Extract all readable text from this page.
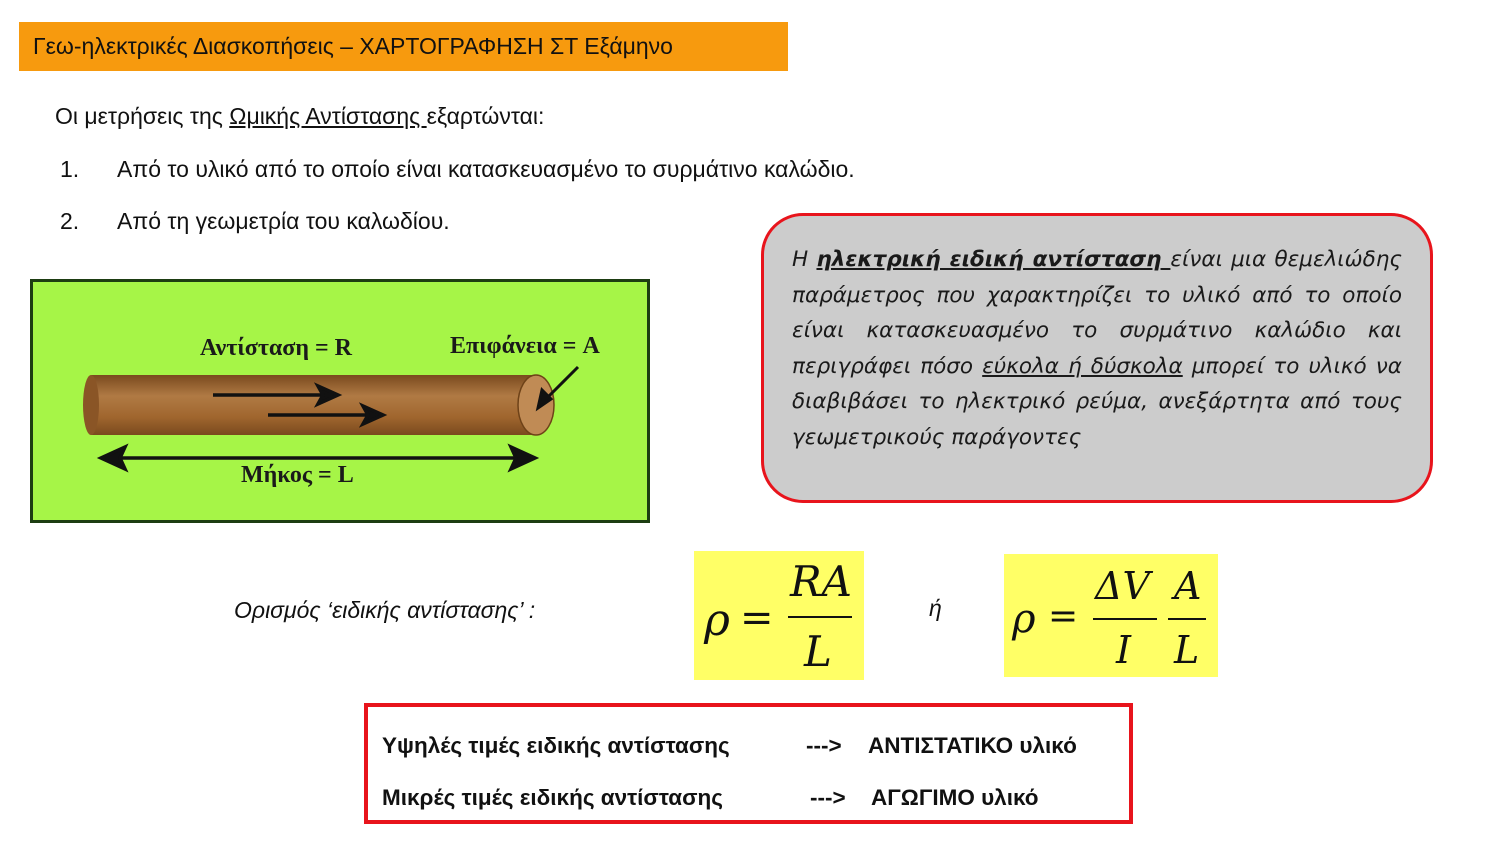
Γεω-ηλεκτρικές Διασκοπήσεις – ΧΑΡΤΟΓΡΑΦΗΣΗ ΣΤ Εξάμηνο
Οι μετρήσεις της Ωμικής Αντίστασης εξαρτώνται:
1. Από το υλικό από το οποίο είναι κατασκευασμένο το συρμάτινο καλώδιο.
2. Από τη γεωμετρία του καλωδίου.
Αντίσταση = R	Επιφάνεια = A
Μήκος = L

Η ηλεκτρική ειδική αντίσταση είναι μια θεμελιώδης παράμετρος που χαρακτηρίζει το υλικό από το οποίο είναι κατασκευασμένο το συρμάτινο καλώδιο και περιγράφει πόσο εύκολα ή δύσκολα μπορεί το υλικό να διαβιβάσει το ηλεκτρικό ρεύμα, ανεξάρτητα από τους γεωμετρικούς παράγοντες

Ορισμός ‘ειδικής αντίστασης’ :	ρ =
RA
L
ή ρ =
ΔV
I
A
L
Υψηλές τιμές ειδικής αντίστασης	---> ΑΝΤΙΣΤΑΤΙΚΟ υλικό
Μικρές τιμές ειδικής αντίστασης	---> ΑΓΩΓΙΜΟ υλικό
